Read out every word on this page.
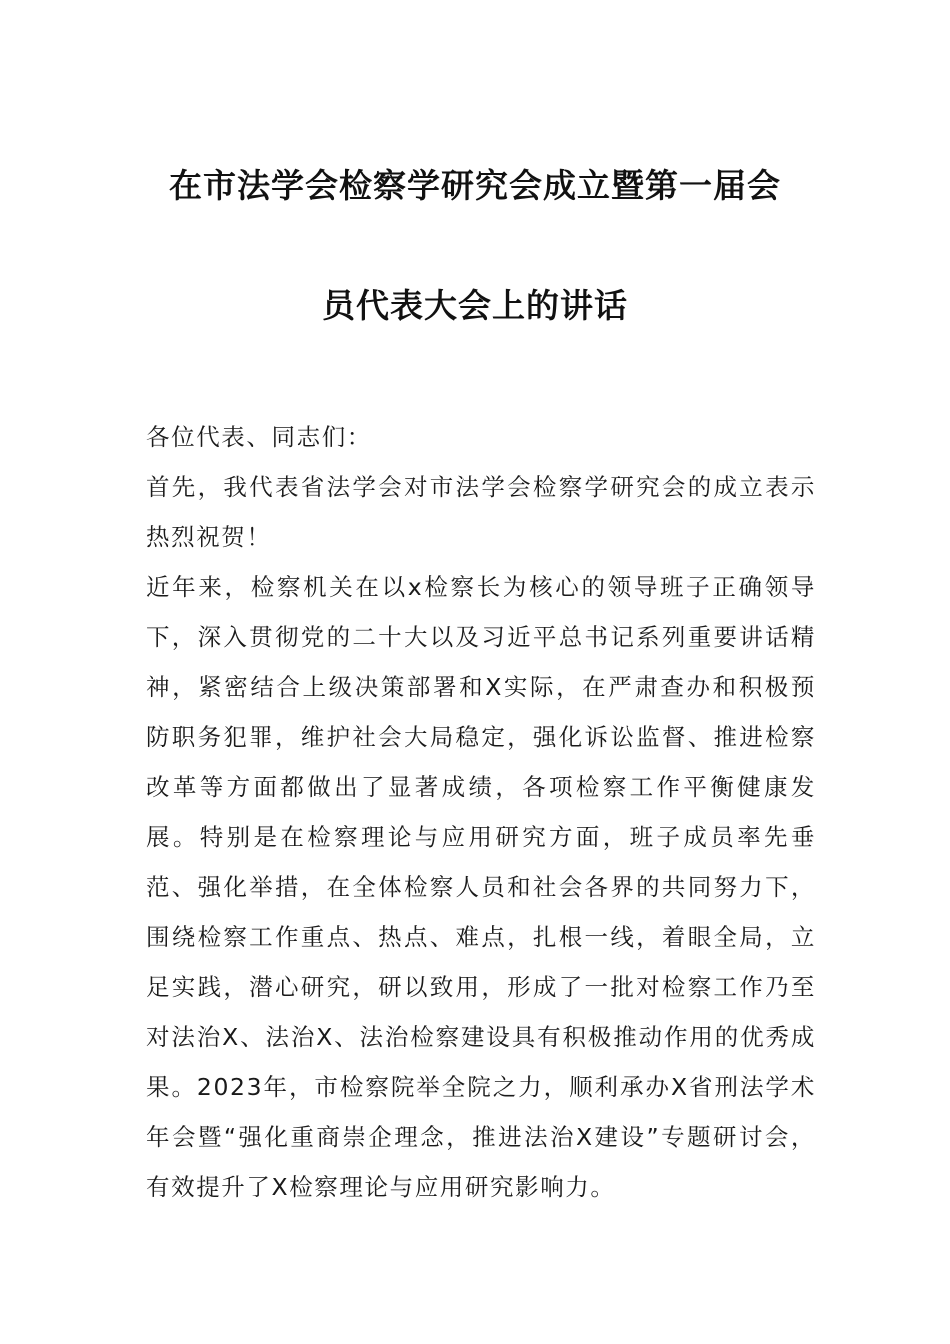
在市法学会检察学研究会成立暨第一届会
员代表大会上的讲话

各位代表、同志们：

首先，我代表省法学会对市法学会检察学研究会的成立表示热烈祝贺！

近年来，检察机关在以x检察长为核心的领导班子正确领导下，深入贯彻党的二十大以及习近平总书记系列重要讲话精神，紧密结合上级决策部署和X实际，在严肃查办和积极预防职务犯罪，维护社会大局稳定，强化诉讼监督、推进检察改革等方面都做出了显著成绩，各项检察工作平衡健康发展。特别是在检察理论与应用研究方面，班子成员率先垂范、强化举措，在全体检察人员和社会各界的共同努力下，围绕检察工作重点、热点、难点，扎根一线，着眼全局，立足实践，潜心研究，研以致用，形成了一批对检察工作乃至对法治X、法治X、法治检察建设具有积极推动作用的优秀成果。2023年，市检察院举全院之力，顺利承办X省刑法学术年会暨“强化重商崇企理念，推进法治X建设”专题研讨会，有效提升了X检察理论与应用研究影响力。
